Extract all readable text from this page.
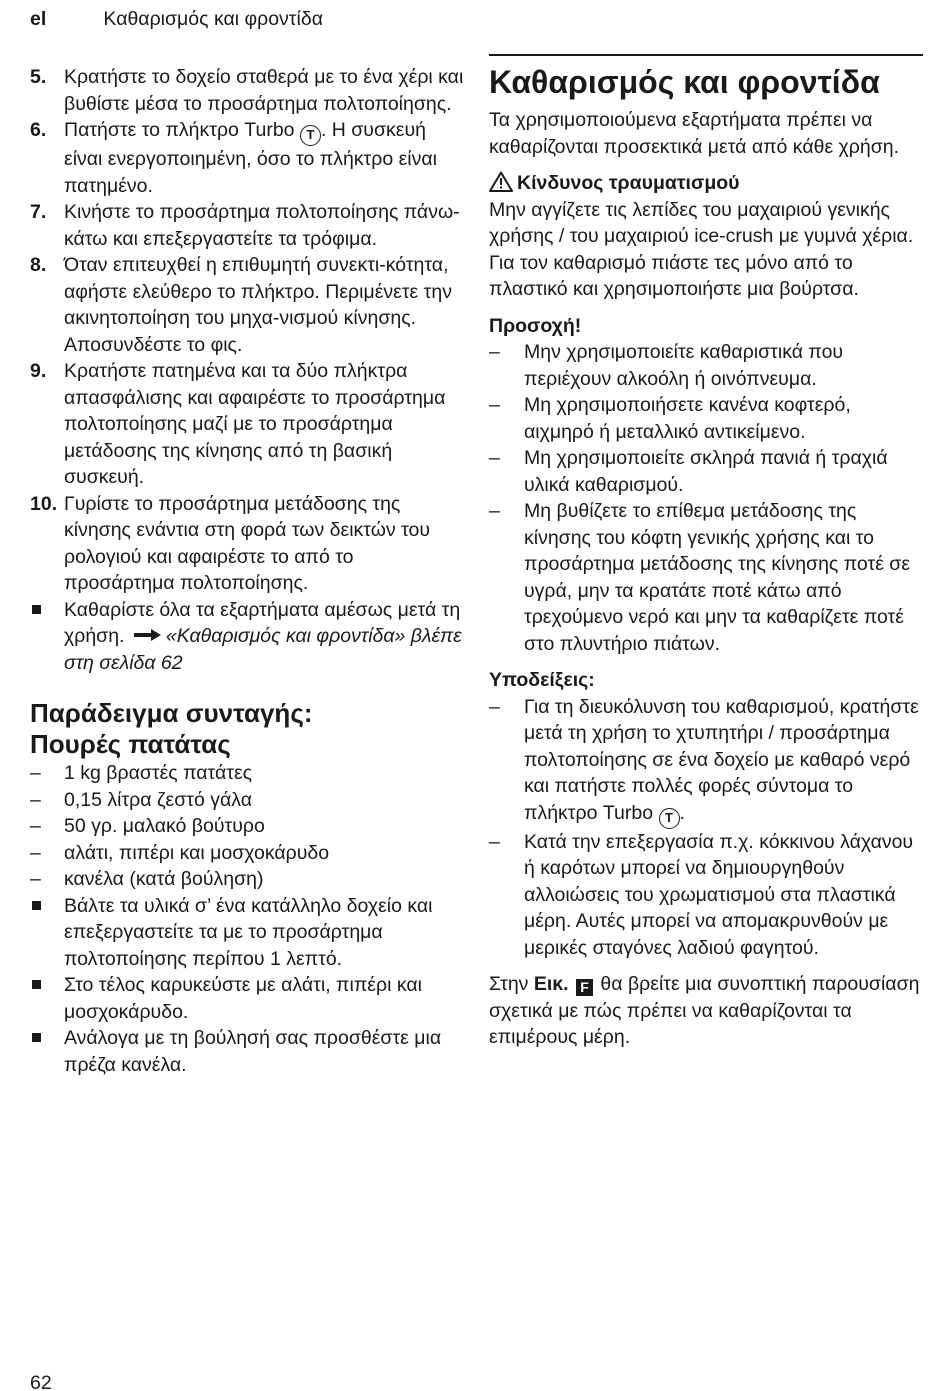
el	Καθαρισμός και φροντίδα
5. Κρατήστε το δοχείο σταθερά με το ένα χέρι και βυθίστε μέσα το προσάρτημα πολτοποίησης.
6. Πατήστε το πλήκτρο Turbo T . Η συσκευή είναι ενεργοποιημένη, όσο το πλήκτρο είναι πατημένο.
7. Κινήστε το προσάρτημα πολτοποίησης πάνω-κάτω και επεξεργαστείτε τα τρόφιμα.
8. Όταν επιτευχθεί η επιθυμητή συνεκτι-κότητα, αφήστε ελεύθερο το πλήκτρο. Περιμένετε την ακινητοποίηση του μηχα-νισμού κίνησης. Αποσυνδέστε το φις.
9. Κρατήστε πατημένα και τα δύο πλήκτρα απασφάλισης και αφαιρέστε το προσάρτημα πολτοποίησης μαζί με το προσάρτημα μετάδοσης της κίνησης από τη βασική συσκευή.
10. Γυρίστε το προσάρτημα μετάδοσης της κίνησης ενάντια στη φορά των δεικτών του ρολογιού και αφαιρέστε το από το προσάρτημα πολτοποίησης.
Καθαρίστε όλα τα εξαρτήματα αμέσως μετά τη χρήση. «Καθαρισμός και φροντίδα» βλέπε στη σελίδα 62
Παράδειγμα συνταγής:
Πουρές πατάτας
–	1 kg βραστές πατάτες
–	0,15 λίτρα ζεστό γάλα
–	50 γρ. μαλακό βούτυρο
–	αλάτι, πιπέρι και μοσχοκάρυδο
–	κανέλα (κατά βούληση)
Βάλτε τα υλικά σ’ ένα κατάλληλο δοχείο και επεξεργαστείτε τα με το προσάρτημα πολτοποίησης περίπου 1 λεπτό.
Στο τέλος καρυκεύστε με αλάτι, πιπέρι και μοσχοκάρυδο.
Ανάλογα με τη βούλησή σας προσθέστε μια πρέζα κανέλα.
Καθαρισμός και φροντίδα

Τα χρησιμοποιούμενα εξαρτήματα πρέπει να καθαρίζονται προσεκτικά μετά από κάθε χρήση.

Κίνδυνος τραυματισμού

Μην αγγίζετε τις λεπίδες του μαχαιριού γενικής χρήσης / του μαχαιριού ice-crush με γυμνά χέρια. Για τον καθαρισμό πιάστε τες μόνο από το πλαστικό και χρησιμοποιήστε μια βούρτσα.

Προσοχή!
–	Μην χρησιμοποιείτε καθαριστικά που περιέχουν αλκοόλη ή οινόπνευμα.
–	Μη χρησιμοποιήσετε κανένα κοφτερό, αιχμηρό ή μεταλλικό αντικείμενο.
–	Μη χρησιμοποιείτε σκληρά πανιά ή τραχιά υλικά καθαρισμού.
–	Μη βυθίζετε το επίθεμα μετάδοσης της κίνησης του κόφτη γενικής χρήσης και το προσάρτημα μετάδοσης της κίνησης ποτέ σε υγρά, μην τα κρατάτε ποτέ κάτω από τρεχούμενο νερό και μην τα καθαρίζετε ποτέ στο πλυντήριο πιάτων.
Υποδείξεις:
–	Για τη διευκόλυνση του καθαρισμού, κρατήστε μετά τη χρήση το χτυπητήρι / προσάρτημα πολτοποίησης σε ένα δοχείο με καθαρό νερό και πατήστε πολλές φορές σύντομα το πλήκτρο Turbo T .
–	Κατά την επεξεργασία π.χ. κόκκινου λάχανου ή καρότων μπορεί να δημιουργηθούν αλλοιώσεις του χρωματισμού στα πλαστικά μέρη. Αυτές μπορεί να απομακρυνθούν με μερικές σταγόνες λαδιού φαγητού.

Στην Εικ. F θα βρείτε μια συνοπτική παρουσίαση σχετικά με πώς πρέπει να καθαρίζονται τα επιμέρους μέρη.

62
